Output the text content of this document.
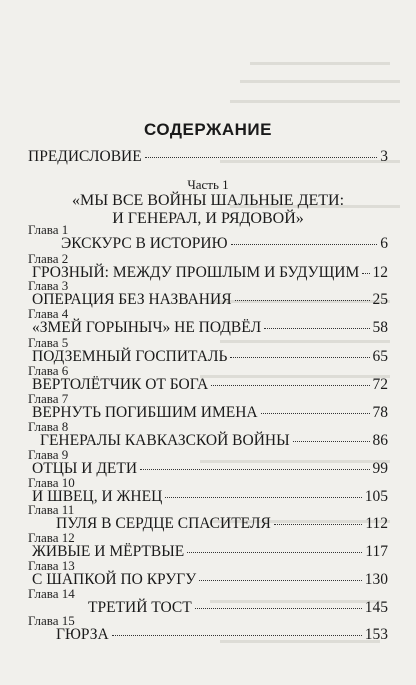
СОДЕРЖАНИЕ
ПРЕДИСЛОВИЕ	3
Часть 1
«МЫ ВСЕ ВОЙНЫ ШАЛЬНЫЕ ДЕТИ:
И ГЕНЕРАЛ, И РЯДОВОЙ»
Глава 1
ЭКСКУРС В ИСТОРИЮ	6
Глава 2
ГРОЗНЫЙ: МЕЖДУ ПРОШЛЫМ И БУДУЩИМ 12
Глава 3
ОПЕРАЦИЯ БЕЗ НАЗВАНИЯ	25
Глава 4
«ЗМЕЙ ГОРЫНЫЧ» НЕ ПОДВЁЛ	58
Глава 5
ПОДЗЕМНЫЙ ГОСПИТАЛЬ	65
Глава 6
ВЕРТОЛЁТЧИК ОТ БОГА	72
Глава 7
ВЕРНУТЬ ПОГИБШИМ ИМЕНА	78
Глава 8
ГЕНЕРАЛЫ КАВКАЗСКОЙ ВОЙНЫ	86
Глава 9
ОТЦЫ И ДЕТИ	99
Глава 10
И ШВЕЦ, И ЖНЕЦ	105
Глава 11
ПУЛЯ В СЕРДЦЕ СПАСИТЕЛЯ	112
Глава 12
ЖИВЫЕ И МЁРТВЫЕ	117
Глава 13
С ШАПКОЙ ПО КРУГУ	130
Глава 14
ТРЕТИЙ ТОСТ	145
Глава 15
ГЮРЗА	153
